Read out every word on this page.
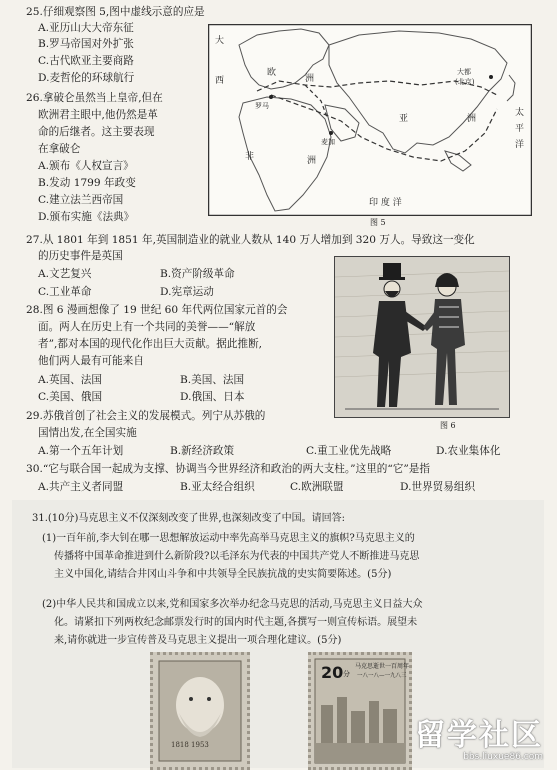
25.仔细观察图 5,图中虚线示意的应是
A.亚历山大大帝东征
B.罗马帝国对外扩张
C.古代欧亚主要商路
D.麦哲伦的环球航行
26.拿破仑虽然当上皇帝,但在
欧洲君主眼中,他仍然是革
命的后继者。这主要表现
在拿破仑
A.颁布《人权宣言》
B.发动 1799 年政变
C.建立法兰西帝国
D.颁布实施《法典》
大
西
欧
洲
罗马
亚	洲
非	洲
麦加
大都
(北京)
太
平
洋
印 度 洋
图 5
27.从 1801 年到 1851 年,英国制造业的就业人数从 140 万人增加到 320 万人。导致这一变化
的历史事件是英国
A.文艺复兴	B.资产阶级革命
C.工业革命	D.宪章运动
图 6
28.图 6 漫画想像了 19 世纪 60 年代两位国家元首的会
面。两人在历史上有一个共同的美誉——“解放
者”,都对本国的现代化作出巨大贡献。据此推断,
他们两人最有可能来自
A.英国、法国	B.美国、法国
C.美国、俄国	D.俄国、日本
29.苏俄首创了社会主义的发展模式。列宁从苏俄的
国情出发,在全国实施
A.第一个五年计划	B.新经济政策	C.重工业优先战略	D.农业集体化
30.“它与联合国一起成为支撑、协调当今世界经济和政治的两大支柱。”这里的“它”是指
A.共产主义者同盟	B.亚太经合组织	C.欧洲联盟	D.世界贸易组织
31.(10分)马克思主义不仅深刻改变了世界,也深刻改变了中国。请回答:
(1)一百年前,李大钊在哪一思想解放运动中率先高举马克思主义的旗帜?马克思主义的
传播将中国革命推进到什么新阶段?以毛泽东为代表的中国共产党人不断推进马克思
主义中国化,请结合井冈山斗争和中共领导全民族抗战的史实简要陈述。(5分)
(2)中华人民共和国成立以来,党和国家多次举办纪念马克思的活动,马克思主义日益大众
化。请紧扣下列两枚纪念邮票发行时的国内时代主题,各撰写一则宣传标语。展望未
来,请你就进一步宣传普及马克思主义提出一项合理化建议。(5分)
1818 1953
20 分
马克思逝世一百周年
一八一八—一九八三
留学社区
bbs.liuxue86.com
